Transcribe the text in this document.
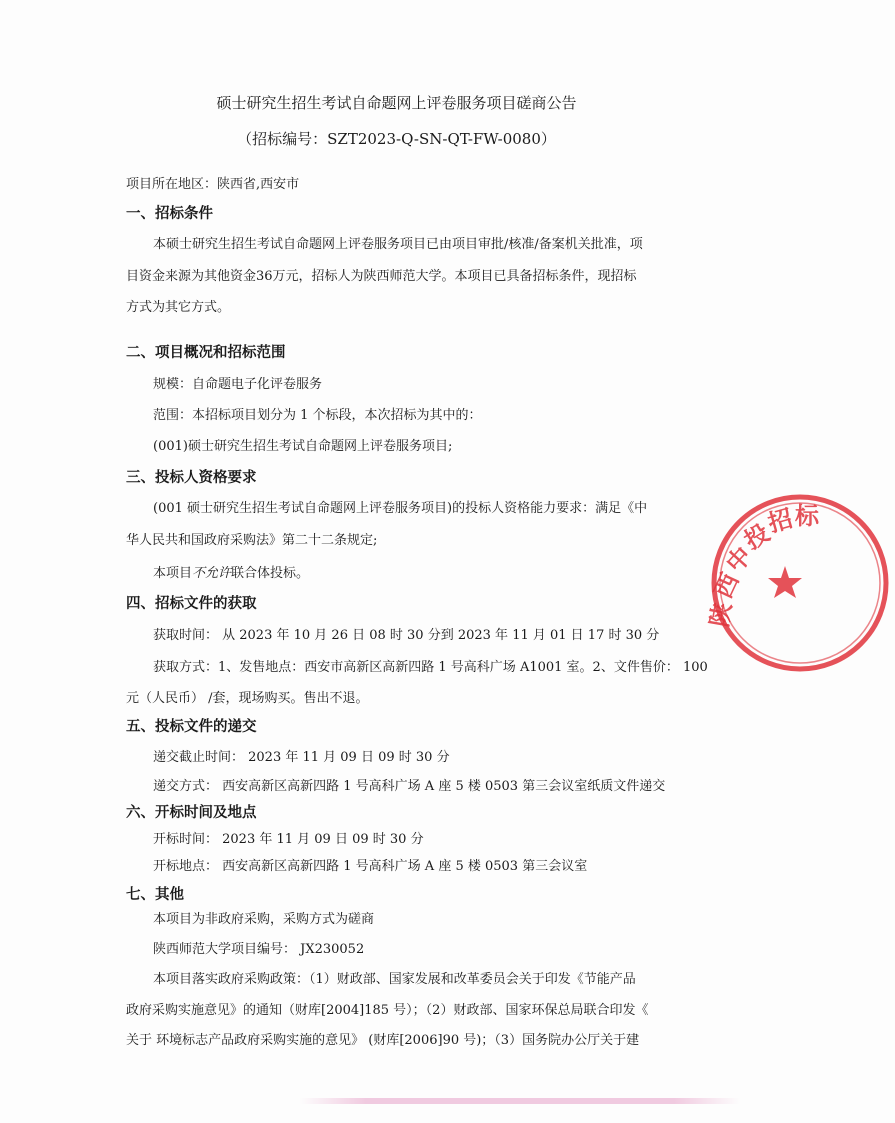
硕士研究生招生考试自命题网上评卷服务项目磋商公告
（招标编号：SZT2023-Q-SN-QT-FW-0080）
项目所在地区：陕西省,西安市
一、招标条件
本硕士研究生招生考试自命题网上评卷服务项目已由项目审批/核准/备案机关批准，项
目资金来源为其他资金36万元，招标人为陕西师范大学。本项目已具备招标条件，现招标
方式为其它方式。
二、项目概况和招标范围
规模：自命题电子化评卷服务
范围：本招标项目划分为 1 个标段，本次招标为其中的：
(001)硕士研究生招生考试自命题网上评卷服务项目;
三、投标人资格要求
(001 硕士研究生招生考试自命题网上评卷服务项目)的投标人资格能力要求：满足《中
华人民共和国政府采购法》第二十二条规定;
本项目不允许联合体投标。
四、招标文件的获取
获取时间： 从 2023 年 10 月 26 日 08 时 30 分到 2023 年 11 月 01 日 17 时 30 分
获取方式：1、发售地点：西安市高新区高新四路 1 号高科广场 A1001 室。2、文件售价： 100
元（人民币） /套，现场购买。售出不退。
五、投标文件的递交
递交截止时间： 2023 年 11 月 09 日 09 时 30 分
递交方式： 西安高新区高新四路 1 号高科广场 A 座 5 楼 0503 第三会议室纸质文件递交
六、开标时间及地点
开标时间： 2023 年 11 月 09 日 09 时 30 分
开标地点： 西安高新区高新四路 1 号高科广场 A 座 5 楼 0503 第三会议室
七、其他
本项目为非政府采购，采购方式为磋商
陕西师范大学项目编号： JX230052
本项目落实政府采购政策：（1）财政部、国家发展和改革委员会关于印发《节能产品
政府采购实施意见》的通知（财库[2004]185 号）；（2）财政部、国家环保总局联合印发《
关于 环境标志产品政府采购实施的意见》 (财库[2006]90 号)；（3）国务院办公厅关于建
陕
西
中
投
招 标
